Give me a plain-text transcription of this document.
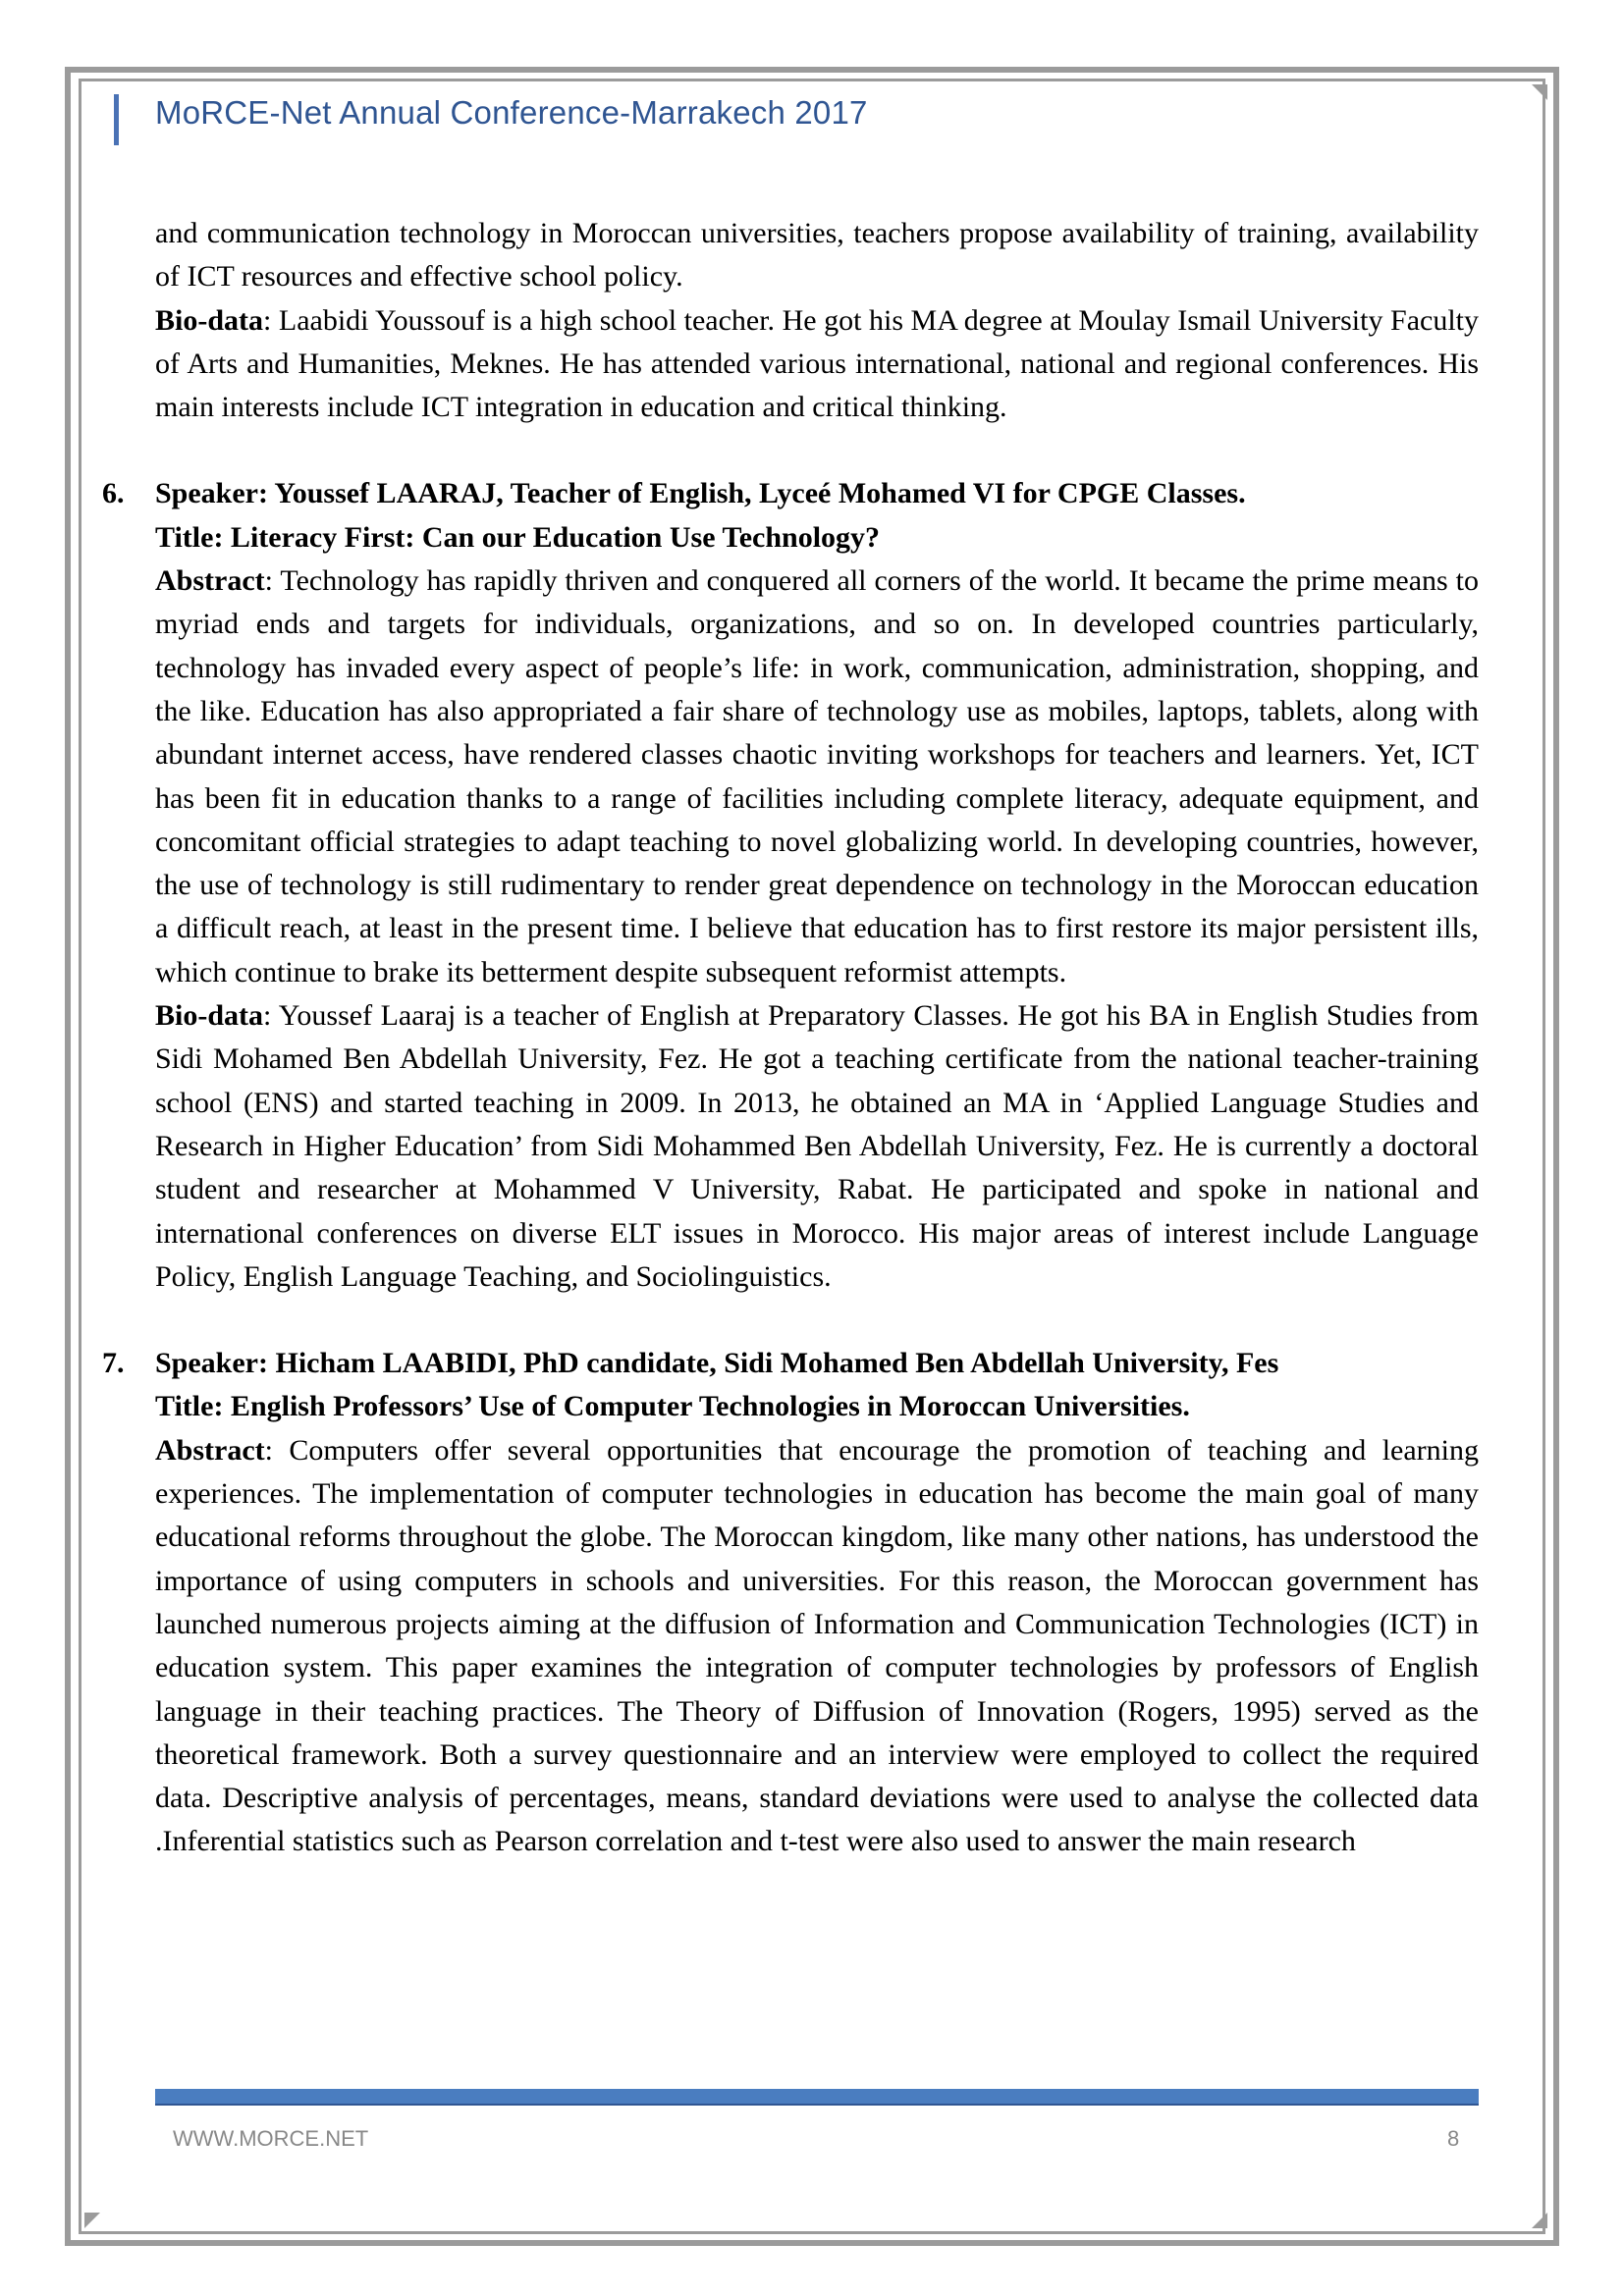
MoRCE-Net Annual Conference-Marrakech 2017

and communication technology in Moroccan universities, teachers propose availability of training, availability of ICT resources and effective school policy.

Bio-data: Laabidi Youssouf is a high school teacher. He got his MA degree at Moulay Ismail University Faculty of Arts and Humanities, Meknes. He has attended various international, national and regional conferences. His main interests include ICT integration in education and critical thinking.

6. Speaker: Youssef LAARAJ, Teacher of English, Lyceé Mohamed VI for CPGE Classes.

Title: Literacy First: Can our Education Use Technology?

Abstract: Technology has rapidly thriven and conquered all corners of the world. It became the prime means to myriad ends and targets for individuals, organizations, and so on. In developed countries particularly, technology has invaded every aspect of people’s life: in work, communication, administration, shopping, and the like. Education has also appropriated a fair share of technology use as mobiles, laptops, tablets, along with abundant internet access, have rendered classes chaotic inviting workshops for teachers and learners. Yet, ICT has been fit in education thanks to a range of facilities including complete literacy, adequate equipment, and concomitant official strategies to adapt teaching to novel globalizing world. In developing countries, however, the use of technology is still rudimentary to render great dependence on technology in the Moroccan education a difficult reach, at least in the present time. I believe that education has to first restore its major persistent ills, which continue to brake its betterment despite subsequent reformist attempts.

Bio-data: Youssef Laaraj is a teacher of English at Preparatory Classes. He got his BA in English Studies from Sidi Mohamed Ben Abdellah University, Fez. He got a teaching certificate from the national teacher-training school (ENS) and started teaching in 2009. In 2013, he obtained an MA in ‘Applied Language Studies and Research in Higher Education’ from Sidi Mohammed Ben Abdellah University, Fez. He is currently a doctoral student and researcher at Mohammed V University, Rabat. He participated and spoke in national and international conferences on diverse ELT issues in Morocco. His major areas of interest include Language Policy, English Language Teaching, and Sociolinguistics.

7. Speaker: Hicham LAABIDI, PhD candidate, Sidi Mohamed Ben Abdellah University, Fes

Title: English Professors’ Use of Computer Technologies in Moroccan Universities.

Abstract: Computers offer several opportunities that encourage the promotion of teaching and learning experiences. The implementation of computer technologies in education has become the main goal of many educational reforms throughout the globe. The Moroccan kingdom, like many other nations, has understood the importance of using computers in schools and universities. For this reason, the Moroccan government has launched numerous projects aiming at the diffusion of Information and Communication Technologies (ICT) in education system. This paper examines the integration of computer technologies by professors of English language in their teaching practices. The Theory of Diffusion of Innovation (Rogers, 1995) served as the theoretical framework. Both a survey questionnaire and an interview were employed to collect the required data. Descriptive analysis of percentages, means, standard deviations were used to analyse the collected data .Inferential statistics such as Pearson correlation and t-test were also used to answer the main research

WWW.MORCE.NET	8
